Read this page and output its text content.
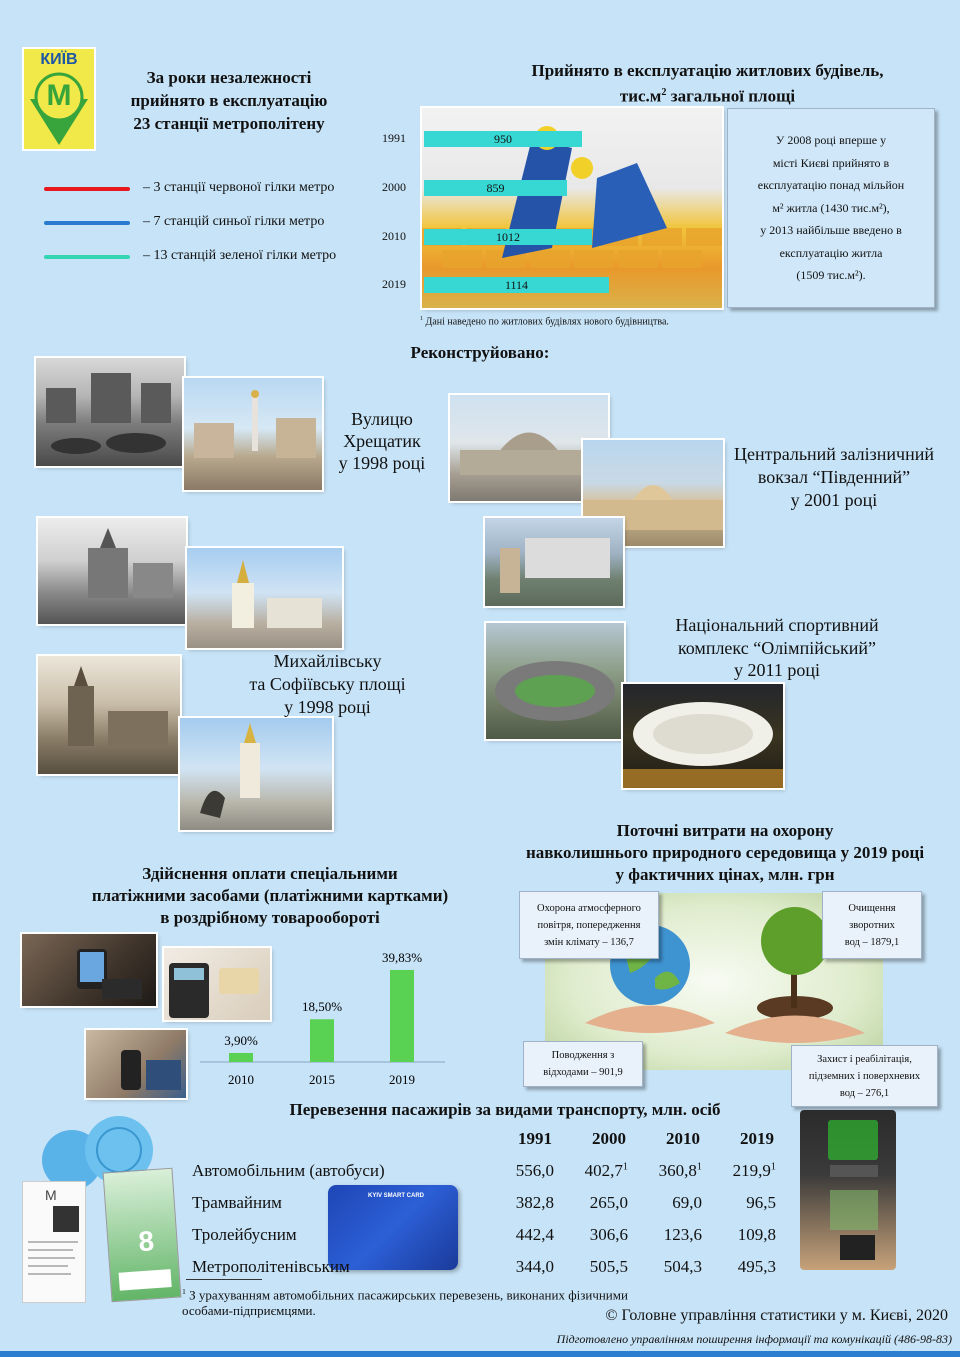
КИЇВ
М
За роки незалежності
прийнято в експлуатацію
23 станції метрополітену
– 3 станції червоної гілки метро
– 7 станцій синьої гілки метро
– 13 станцій зеленої гілки метро
Прийнято в експлуатацію житлових будівель,
$тис.м^2$ загальної площі
1991	950
2000	859
2010	1012
2019	1114
У 2008 році вперше у
місті Києві прийнято в
експлуатацію понад мільйон
м² житла (1430 тис.м²),
у 2013 найбільше введено в
експлуатацію житла
(1509 тис.м²).
$^1$ Дані наведено по житлових будівлях нового будівництва.
Реконструйовано:
Вулицю
Хрещатик
у 1998 році	Центральний залізничний
вокзал “Південний”
у 2001 році
Михайлівську
та Софіївську площі
у 1998 році
Національний спортивний
комплекс “Олімпійський”
у 2011 році
Поточні витрати на охорону
навколишнього природного середовища у 2019 році
у фактичних цінах, млн. грн
Охорона атмосферного
повітря, попередження
змін клімату – 136,7
Очищення
зворотних
вод – 1879,1
Поводження з
відходами – 901,9
Захист і реабілітація,
підземних і поверхневих
вод – 276,1
Здійснення оплати спеціальними
платіжними засобами (платіжними картками)
в роздрібному товарообороті
3,90%
2010
18,50%
2015
39,83%
2019
Перевезення пасажирів за видами транспорту, млн. осіб
М
8
KYIV SMART CARD
	1991	2000	2010	2019
Автомобільним (автобуси)	556,0	402,7$^1$	360,8$^1$	219,9$^1$
Трамвайним	382,8	265,0	69,0	96,5
Тролейбусним	442,4	306,6	123,6	109,8
Метрополітенівським	344,0	505,5	504,3	495,3
$^1$ З урахуванням автомобільних пасажирських перевезень, виконаних фізичними
особами-підприємцями.	© Головне управління статистики у м. Києві, 2020
Підготовлено управлінням поширення інформації та комунікацій (486-98-83)
